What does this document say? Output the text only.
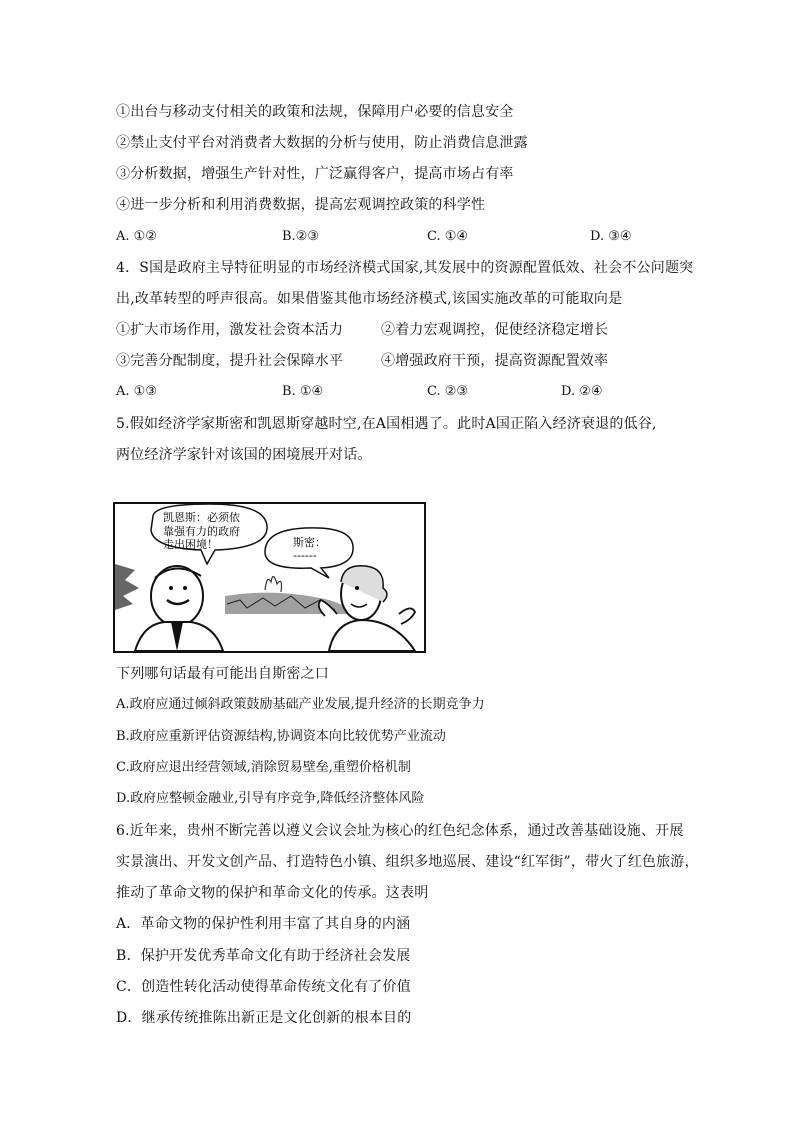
①出台与移动支付相关的政策和法规，保障用户必要的信息安全
②禁止支付平台对消费者大数据的分析与使用，防止消费信息泄露
③分析数据，增强生产针对性，广泛赢得客户，提高市场占有率
④进一步分析和利用消费数据，提高宏观调控政策的科学性
A. ①②	B.②③	C. ①④	D. ③④
4．S国是政府主导特征明显的市场经济模式国家,其发展中的资源配置低效、社会不公问题突
出,改革转型的呼声很高。如果借鉴其他市场经济模式,该国实施改革的可能取向是
①扩大市场作用，激发社会资本活力	②着力宏观调控，促使经济稳定增长
③完善分配制度，提升社会保障水平	④增强政府干预，提高资源配置效率
A. ①③	B. ①④	C. ②③	D. ②④
5.假如经济学家斯密和凯恩斯穿越时空,在A国相遇了。此时A国正陷入经济衰退的低谷,
两位经济学家针对该国的困境展开对话。
凯恩斯：必须依
靠强有力的政府
走出困境！	斯密：
------
下列哪句话最有可能出自斯密之口
A.政府应通过倾斜政策鼓励基础产业发展,提升经济的长期竞争力
B.政府应重新评估资源结构,协调资本向比较优势产业流动
C.政府应退出经营领域,消除贸易壁垒,重塑价格机制
D.政府应整顿金融业,引导有序竞争,降低经济整体风险
6.近年来，贵州不断完善以遵义会议会址为核心的红色纪念体系，通过改善基础设施、开展
实景演出、开发文创产品、打造特色小镇、组织多地巡展、建设“红军街”，带火了红色旅游，
推动了革命文物的保护和革命文化的传承。这表明
A．革命文物的保护性利用丰富了其自身的内涵
B．保护开发优秀革命文化有助于经济社会发展
C．创造性转化活动使得革命传统文化有了价值
D．继承传统推陈出新正是文化创新的根本目的
